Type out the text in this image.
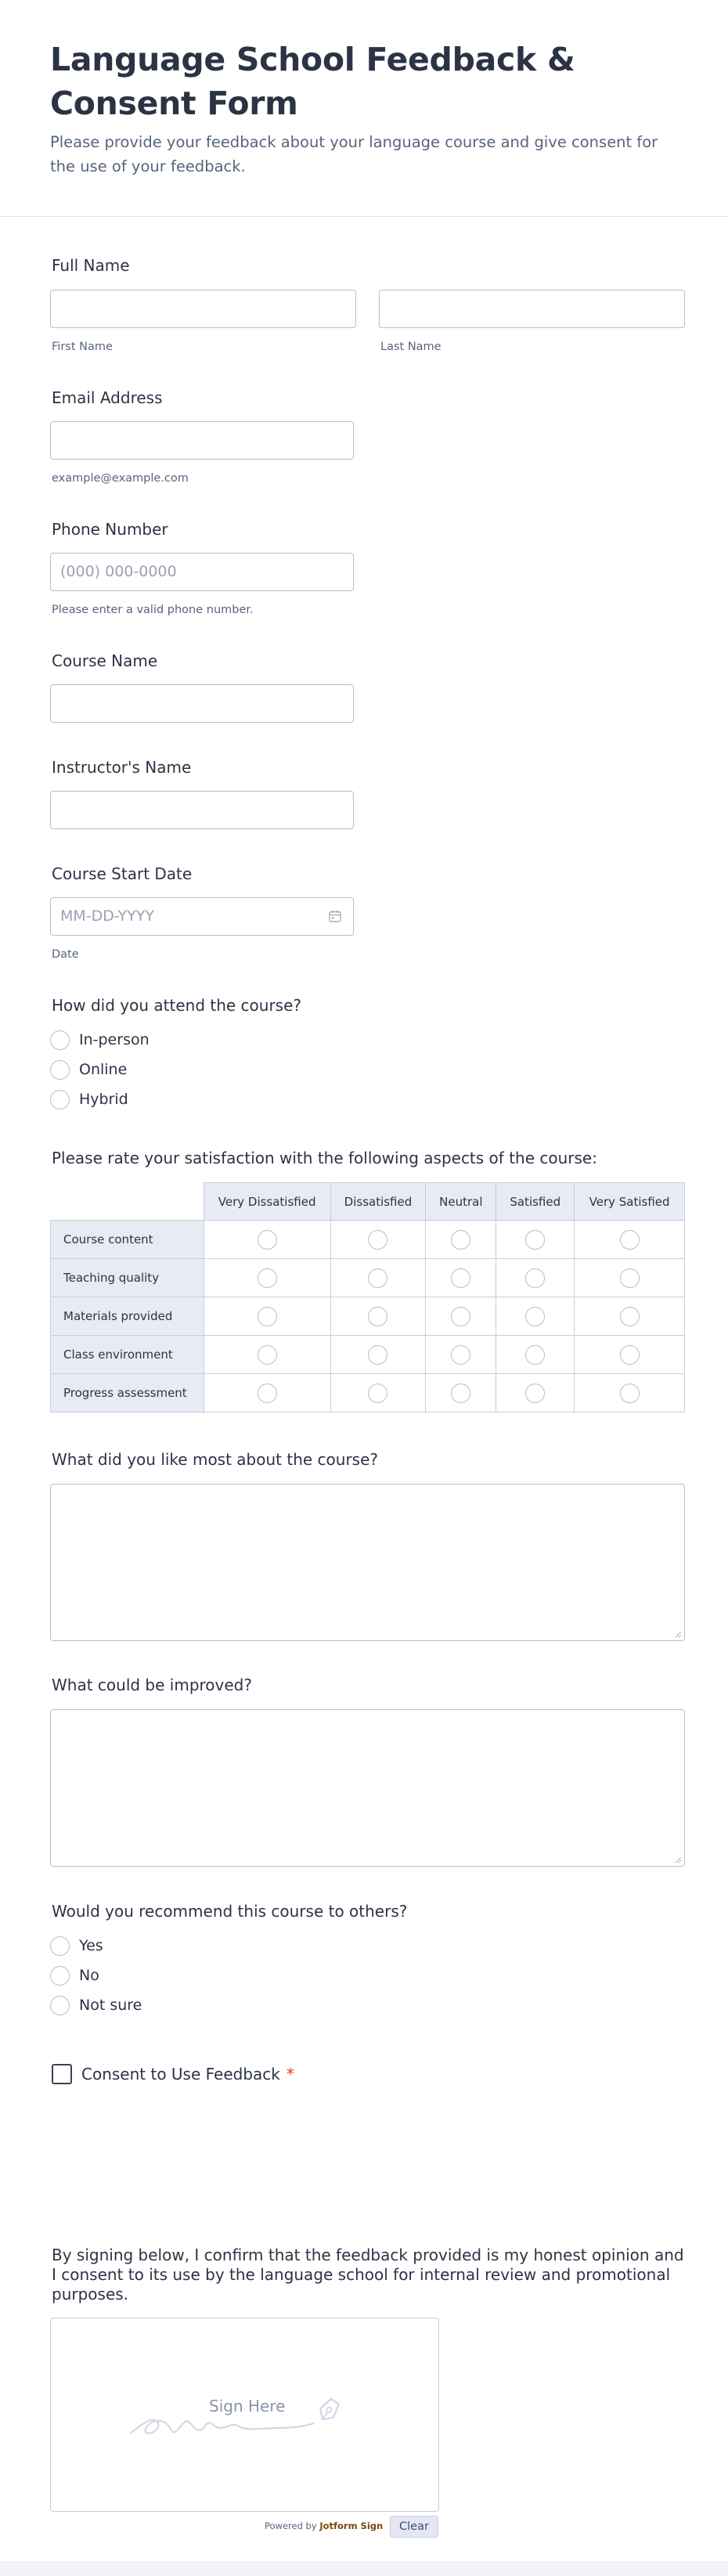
Language School Feedback & Consent Form

Please provide your feedback about your language course and give consent for the use of your feedback.

Full Name
First Name	Last Name
Email Address
example@example.com
Phone Number
(000) 000-0000
Please enter a valid phone number.
Course Name
Instructor's Name
Course Start Date
MM-DD-YYYY
Date
How did you attend the course?
In-person
Online
Hybrid
Please rate your satisfaction with the following aspects of the course:
	Very Dissatisfied	Dissatisfied	Neutral	Satisfied	Very Satisfied
Course content					
Teaching quality					
Materials provided					
Class environment					
Progress assessment					
What did you like most about the course?
What could be improved?
Would you recommend this course to others?
Yes
No
Not sure
Consent to Use Feedback *
By signing below, I confirm that the feedback provided is my honest opinion and I consent to its use by the language school for internal review and promotional purposes.
Sign Here
Powered by Jotform Sign	Clear
